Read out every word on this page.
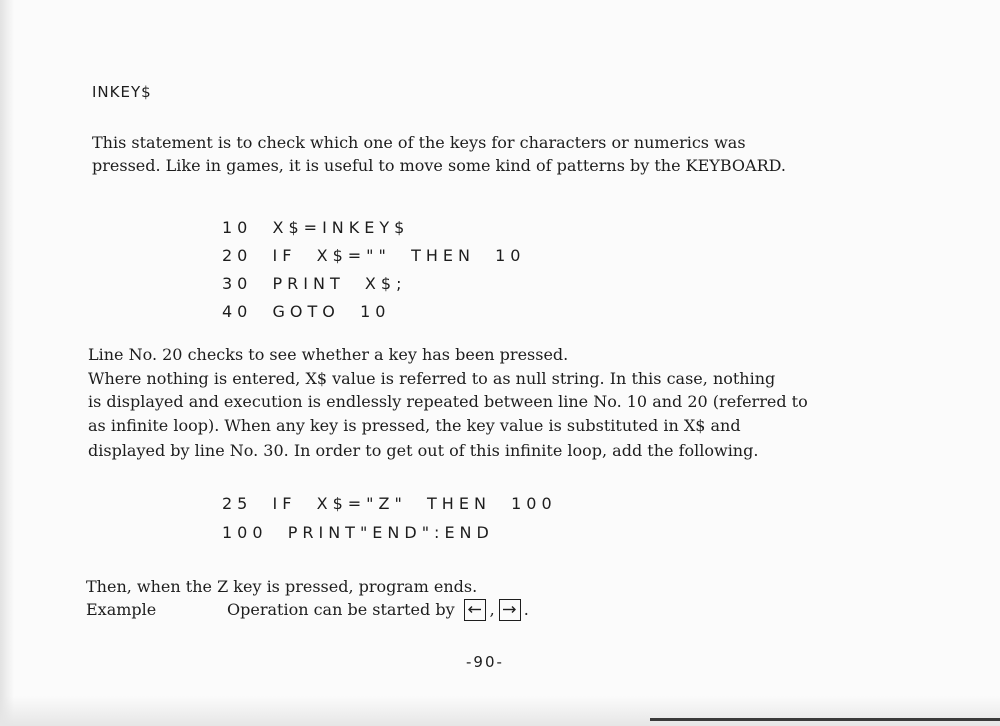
INKEY$

This statement is to check which one of the keys for characters or numerics was

pressed. Like in games, it is useful to move some kind of patterns by the KEYBOARD.

10  X$=INKEY$

20  IF  X$=""  THEN  10

30  PRINT  X$;

40  GOTO  10

Line No. 20 checks to see whether a key has been pressed.

Where nothing is entered, X$ value is referred to as null string. In this case, nothing

is displayed and execution is endlessly repeated between line No. 10 and 20 (referred to

as infinite loop). When any key is pressed, the key value is substituted in X$ and

displayed by line No. 30. In order to get out of this infinite loop, add the following.

25  IF  X$="Z"  THEN  100

100  PRINT"END":END

Then, when the Z key is pressed, program ends.

Example	Operation can be started by , .

-90-
